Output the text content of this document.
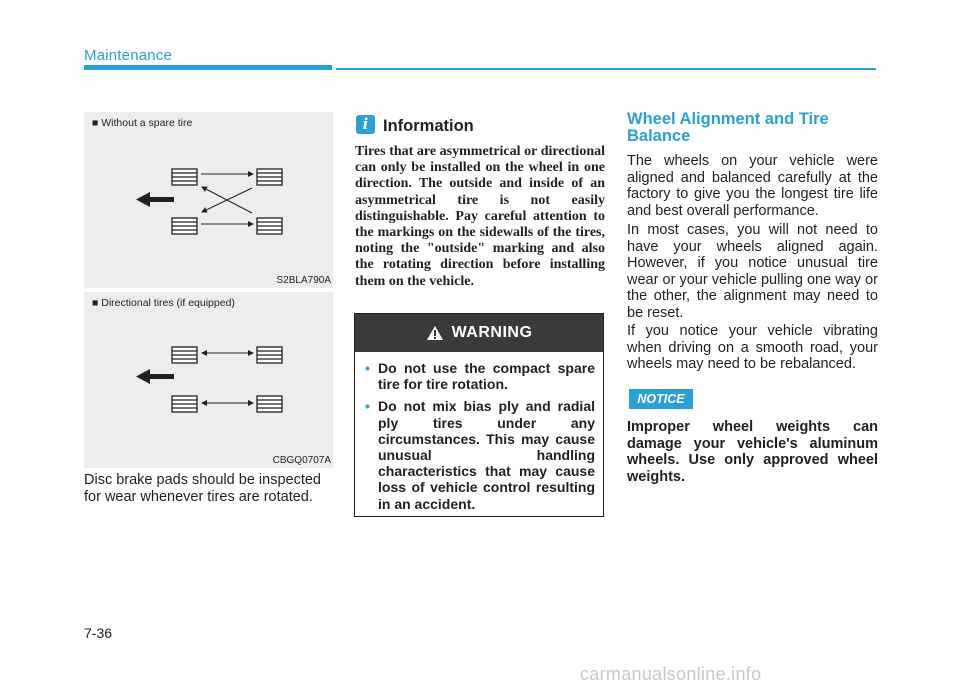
Maintenance
■ Without a spare tire
S2BLA790A
■ Directional tires (if equipped)
CBGQ0707A
Disc brake pads should be inspected for wear whenever tires are rotated.
i Information
Tires that are asymmetrical or directional can only be installed on the wheel in one direction. The outside and inside of an asymmetrical tire is not easily distinguishable. Pay careful attention to the markings on the sidewalls of the tires, noting the "outside" marking and also the rotating direction before installing them on the vehicle.
WARNING
• Do not use the compact spare tire for tire rotation.
• Do not mix bias ply and radial ply tires under any circumstances. This may cause unusual handling characteristics that may cause loss of vehicle control resulting in an accident.
Wheel Alignment and Tire Balance
The wheels on your vehicle were aligned and balanced carefully at the factory to give you the longest tire life and best overall performance.
In most cases, you will not need to have your wheels aligned again. However, if you notice unusual tire wear or your vehicle pulling one way or the other, the alignment may need to be reset.
If you notice your vehicle vibrating when driving on a smooth road, your wheels may need to be rebalanced.
NOTICE
Improper wheel weights can damage your vehicle's aluminum wheels. Use only approved wheel weights.
7-36
carmanualsonline.info
